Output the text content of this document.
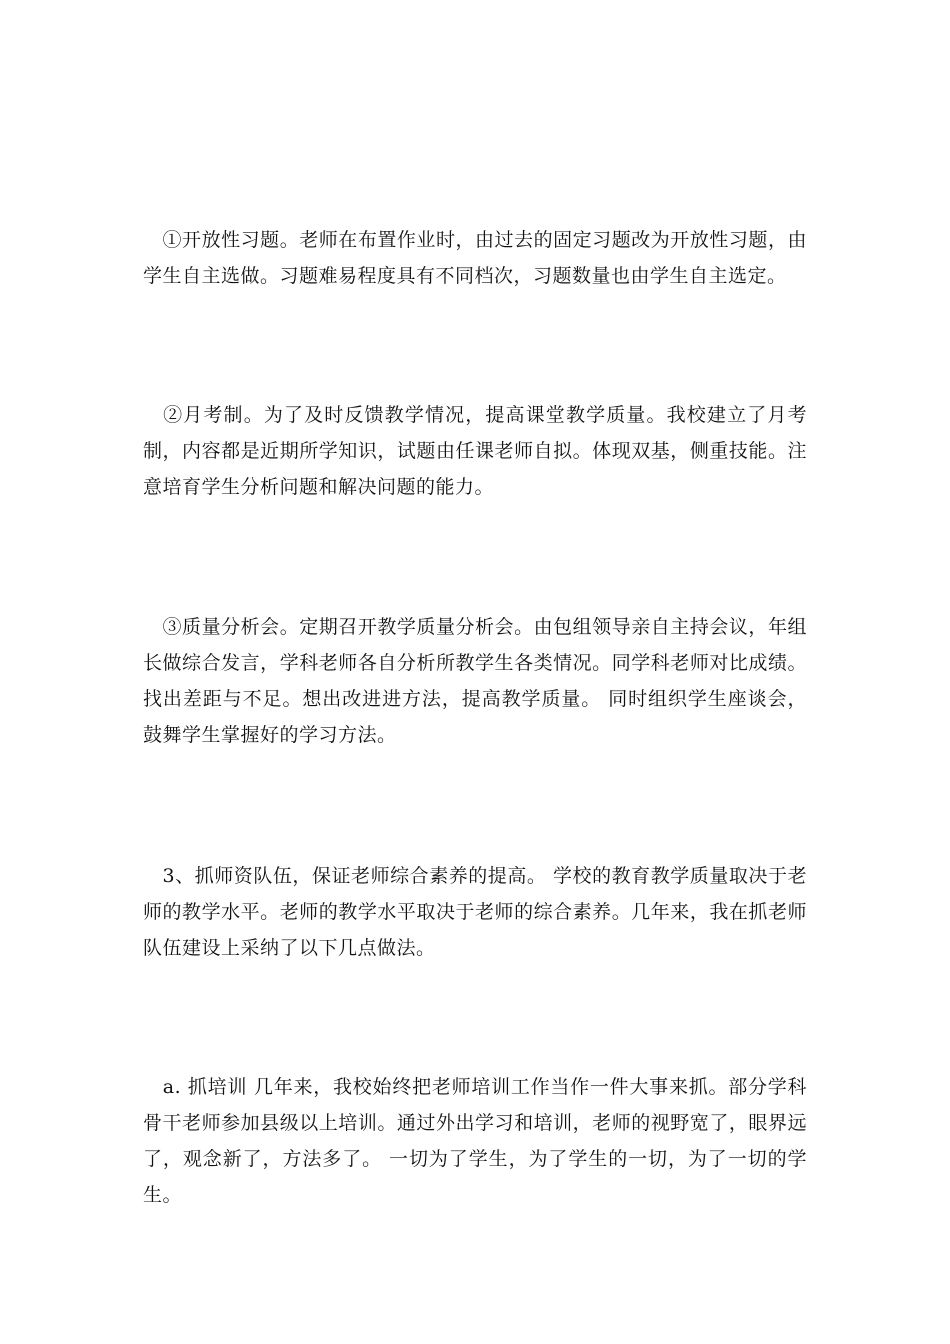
　①开放性习题。老师在布置作业时，由过去的固定习题改为开放性习题，由学生自主选做。习题难易程度具有不同档次，习题数量也由学生自主选定。

　②月考制。为了及时反馈教学情况，提高课堂教学质量。我校建立了月考制，内容都是近期所学知识，试题由任课老师自拟。体现双基，侧重技能。注意培育学生分析问题和解决问题的能力。

　③质量分析会。定期召开教学质量分析会。由包组领导亲自主持会议，年组长做综合发言，学科老师各自分析所教学生各类情况。同学科老师对比成绩。找出差距与不足。想出改进进方法，提高教学质量。 同时组织学生座谈会，鼓舞学生掌握好的学习方法。

　3、抓师资队伍，保证老师综合素养的提高。 学校的教育教学质量取决于老师的教学水平。老师的教学水平取决于老师的综合素养。几年来，我在抓老师队伍建设上采纳了以下几点做法。

　a. 抓培训 几年来，我校始终把老师培训工作当作一件大事来抓。部分学科骨干老师参加县级以上培训。通过外出学习和培训，老师的视野宽了，眼界远了，观念新了，方法多了。 一切为了学生，为了学生的一切，为了一切的学生。
